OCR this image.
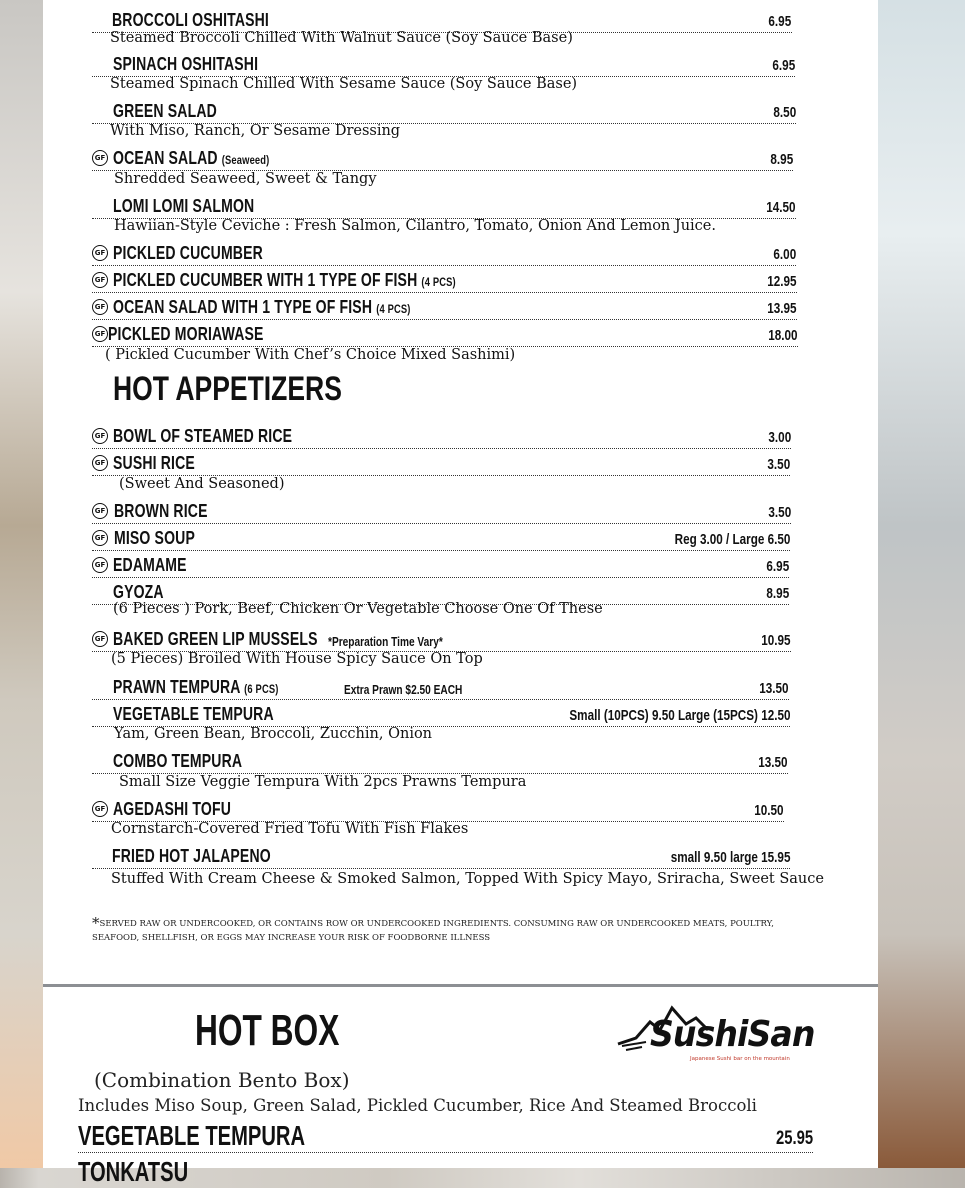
BROCCOLI OSHITASHI	6.95
Steamed Broccoli Chilled With Walnut Sauce (Soy Sauce Base)
SPINACH OSHITASHI	6.95
Steamed Spinach Chilled With Sesame Sauce (Soy Sauce Base)
GREEN SALAD	8.50
With Miso, Ranch, Or Sesame Dressing
GF OCEAN SALAD (Seaweed)	8.95
Shredded Seaweed, Sweet & Tangy
LOMI LOMI SALMON	14.50
Hawiian-Style Ceviche : Fresh Salmon, Cilantro, Tomato, Onion And Lemon Juice.
GF PICKLED CUCUMBER	6.00
GF PICKLED CUCUMBER WITH 1 TYPE OF FISH (4 PCS)	12.95
GF OCEAN SALAD WITH 1 TYPE OF FISH (4 PCS)	13.95
GF PICKLED MORIAWASE	18.00
( Pickled Cucumber With Chef’s Choice Mixed Sashimi)
GF BOWL OF STEAMED RICE	3.00
GF SUSHI RICE	3.50
(Sweet And Seasoned)
GF BROWN RICE	3.50
GF MISO SOUP	Reg 3.00 / Large 6.50
GF EDAMAME	6.95
GYOZA	8.95
(6 Pieces ) Pork, Beef, Chicken Or Vegetable Choose One Of These
GF BAKED GREEN LIP MUSSELS *Preparation Time Vary*	10.95
(5 Pieces) Broiled With House Spicy Sauce On Top
PRAWN TEMPURA (6 PCS)	Extra Prawn $2.50 EACH	13.50
VEGETABLE TEMPURA	Small (10PCS) 9.50 Large (15PCS) 12.50
Yam, Green Bean, Broccoli, Zucchin, Onion
COMBO TEMPURA	13.50
Small Size Veggie Tempura With 2pcs Prawns Tempura
GF AGEDASHI TOFU	10.50
Cornstarch-Covered Fried Tofu With Fish Flakes
FRIED HOT JALAPENO	small 9.50 large 15.95
Stuffed With Cream Cheese & Smoked Salmon, Topped With Spicy Mayo, Sriracha, Sweet Sauce
HOT APPETIZERS
*SERVED RAW OR UNDERCOOKED, OR CONTAINS ROW OR UNDERCOOKED INGREDIENTS. CONSUMING RAW OR UNDERCOOKED MEATS, POULTRY, SEAFOOD, SHELLFISH, OR EGGS MAY INCREASE YOUR RISK OF FOODBORNE ILLNESS
HOT BOX
(Combination Bento Box)
Includes Miso Soup, Green Salad, Pickled Cucumber, Rice And Steamed Broccoli
VEGETABLE TEMPURA	25.95
TONKATSU
SushiSan
Japanese Sushi bar on the mountain
